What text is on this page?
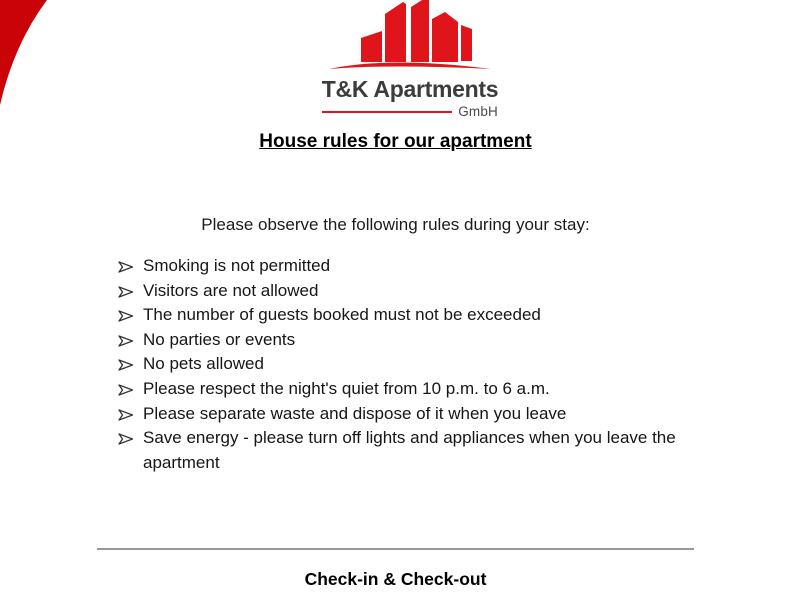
T&K Apartments
GmbH
House rules for our apartment
Please observe the following rules during your stay:
Smoking is not permitted
Visitors are not allowed
The number of guests booked must not be exceeded
No parties or events
No pets allowed
Please respect the night's quiet from 10 p.m. to 6 a.m.
Please separate waste and dispose of it when you leave
Save energy - please turn off lights and appliances when you leave the apartment
Check-in & Check-out
